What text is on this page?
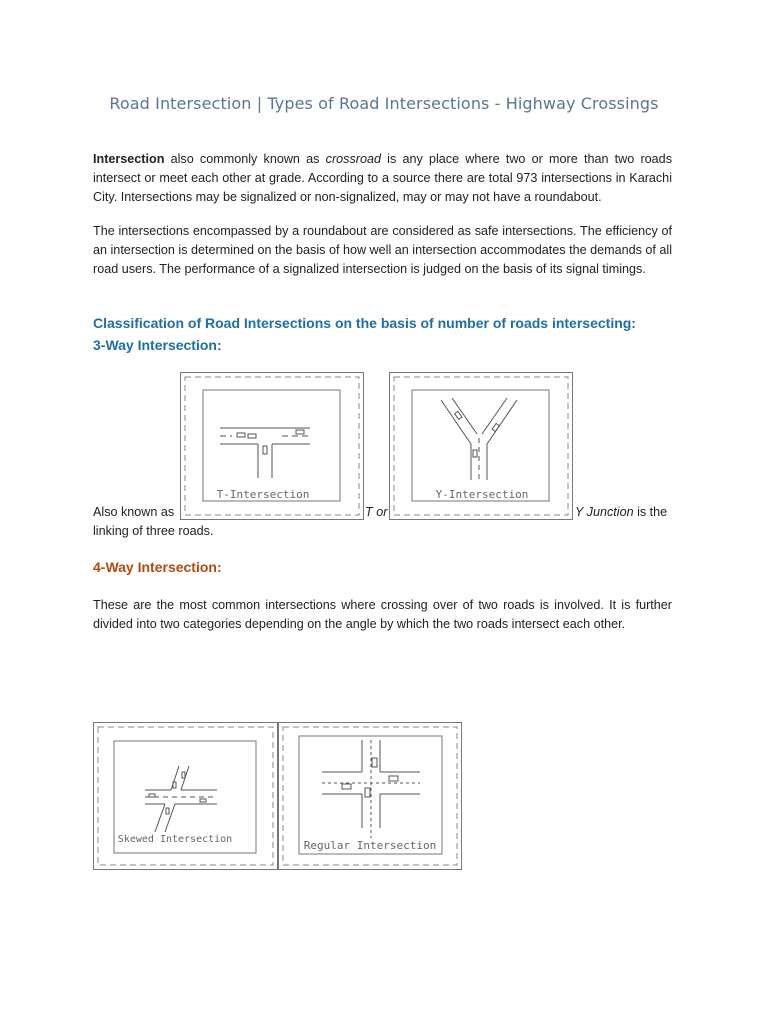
Road Intersection | Types of Road Intersections - Highway Crossings
Intersection also commonly known as crossroad is any place where two or more than two roads intersect or meet each other at grade. According to a source there are total 973 intersections in Karachi City. Intersections may be signalized or non-signalized, may or may not have a roundabout.
The intersections encompassed by a roundabout are considered as safe intersections. The efficiency of an intersection is determined on the basis of how well an intersection accommodates the demands of all road users. The performance of a signalized intersection is judged on the basis of its signal timings.
Classification of Road Intersections on the basis of number of roads intersecting:
3-Way Intersection:
T-Intersection	Y-Intersection
Also known as	T or	Y Junction is the
linking of three roads.
4-Way Intersection:
These are the most common intersections where crossing over of two roads is involved. It is further divided into two categories depending on the angle by which the two roads intersect each other.
Skewed Intersection	Regular Intersection
